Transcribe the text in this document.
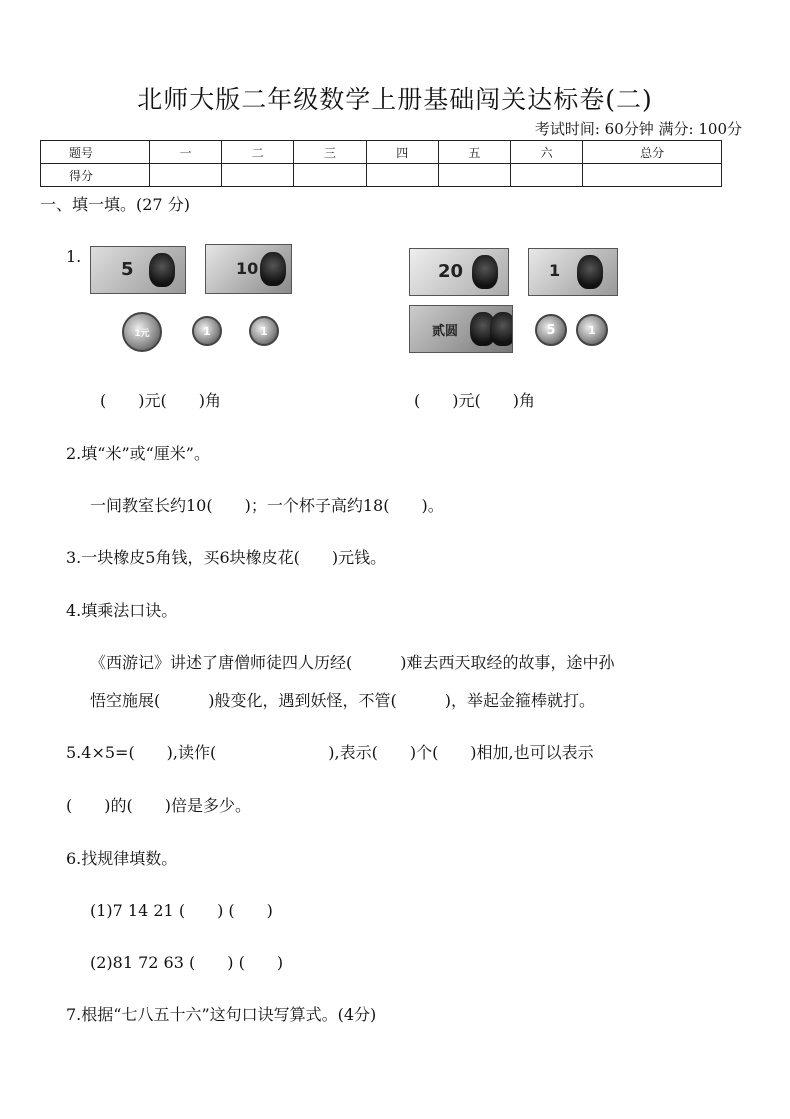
北师大版二年级数学上册基础闯关达标卷(二)
考试时间: 60分钟 满分: 100分
题号	一	二	三	四	五	六	总分
得分							
一、填一填。(27 分)
1.
5	10
1元	1	1
20	1
贰圆	5	1
(　　)元(　　)角	(　　)元(　　)角
2.填“米”或“厘米”。
一间教室长约10(　　)；一个杯子高约18(　　)。
3.一块橡皮5角钱，买6块橡皮花(　　)元钱。
4.填乘法口诀。
《西游记》讲述了唐僧师徒四人历经(　　　)难去西天取经的故事，途中孙
悟空施展(　　　)般变化，遇到妖怪，不管(　　　)，举起金箍棒就打。
5.4×5=(　　),读作(　　　　　　　),表示(　　)个(　　)相加,也可以表示
(　　)的(　　)倍是多少。
6.找规律填数。
(1)7 14 21 (　　) (　　)
(2)81 72 63 (　　) (　　)
7.根据“七八五十六”这句口诀写算式。(4分)
